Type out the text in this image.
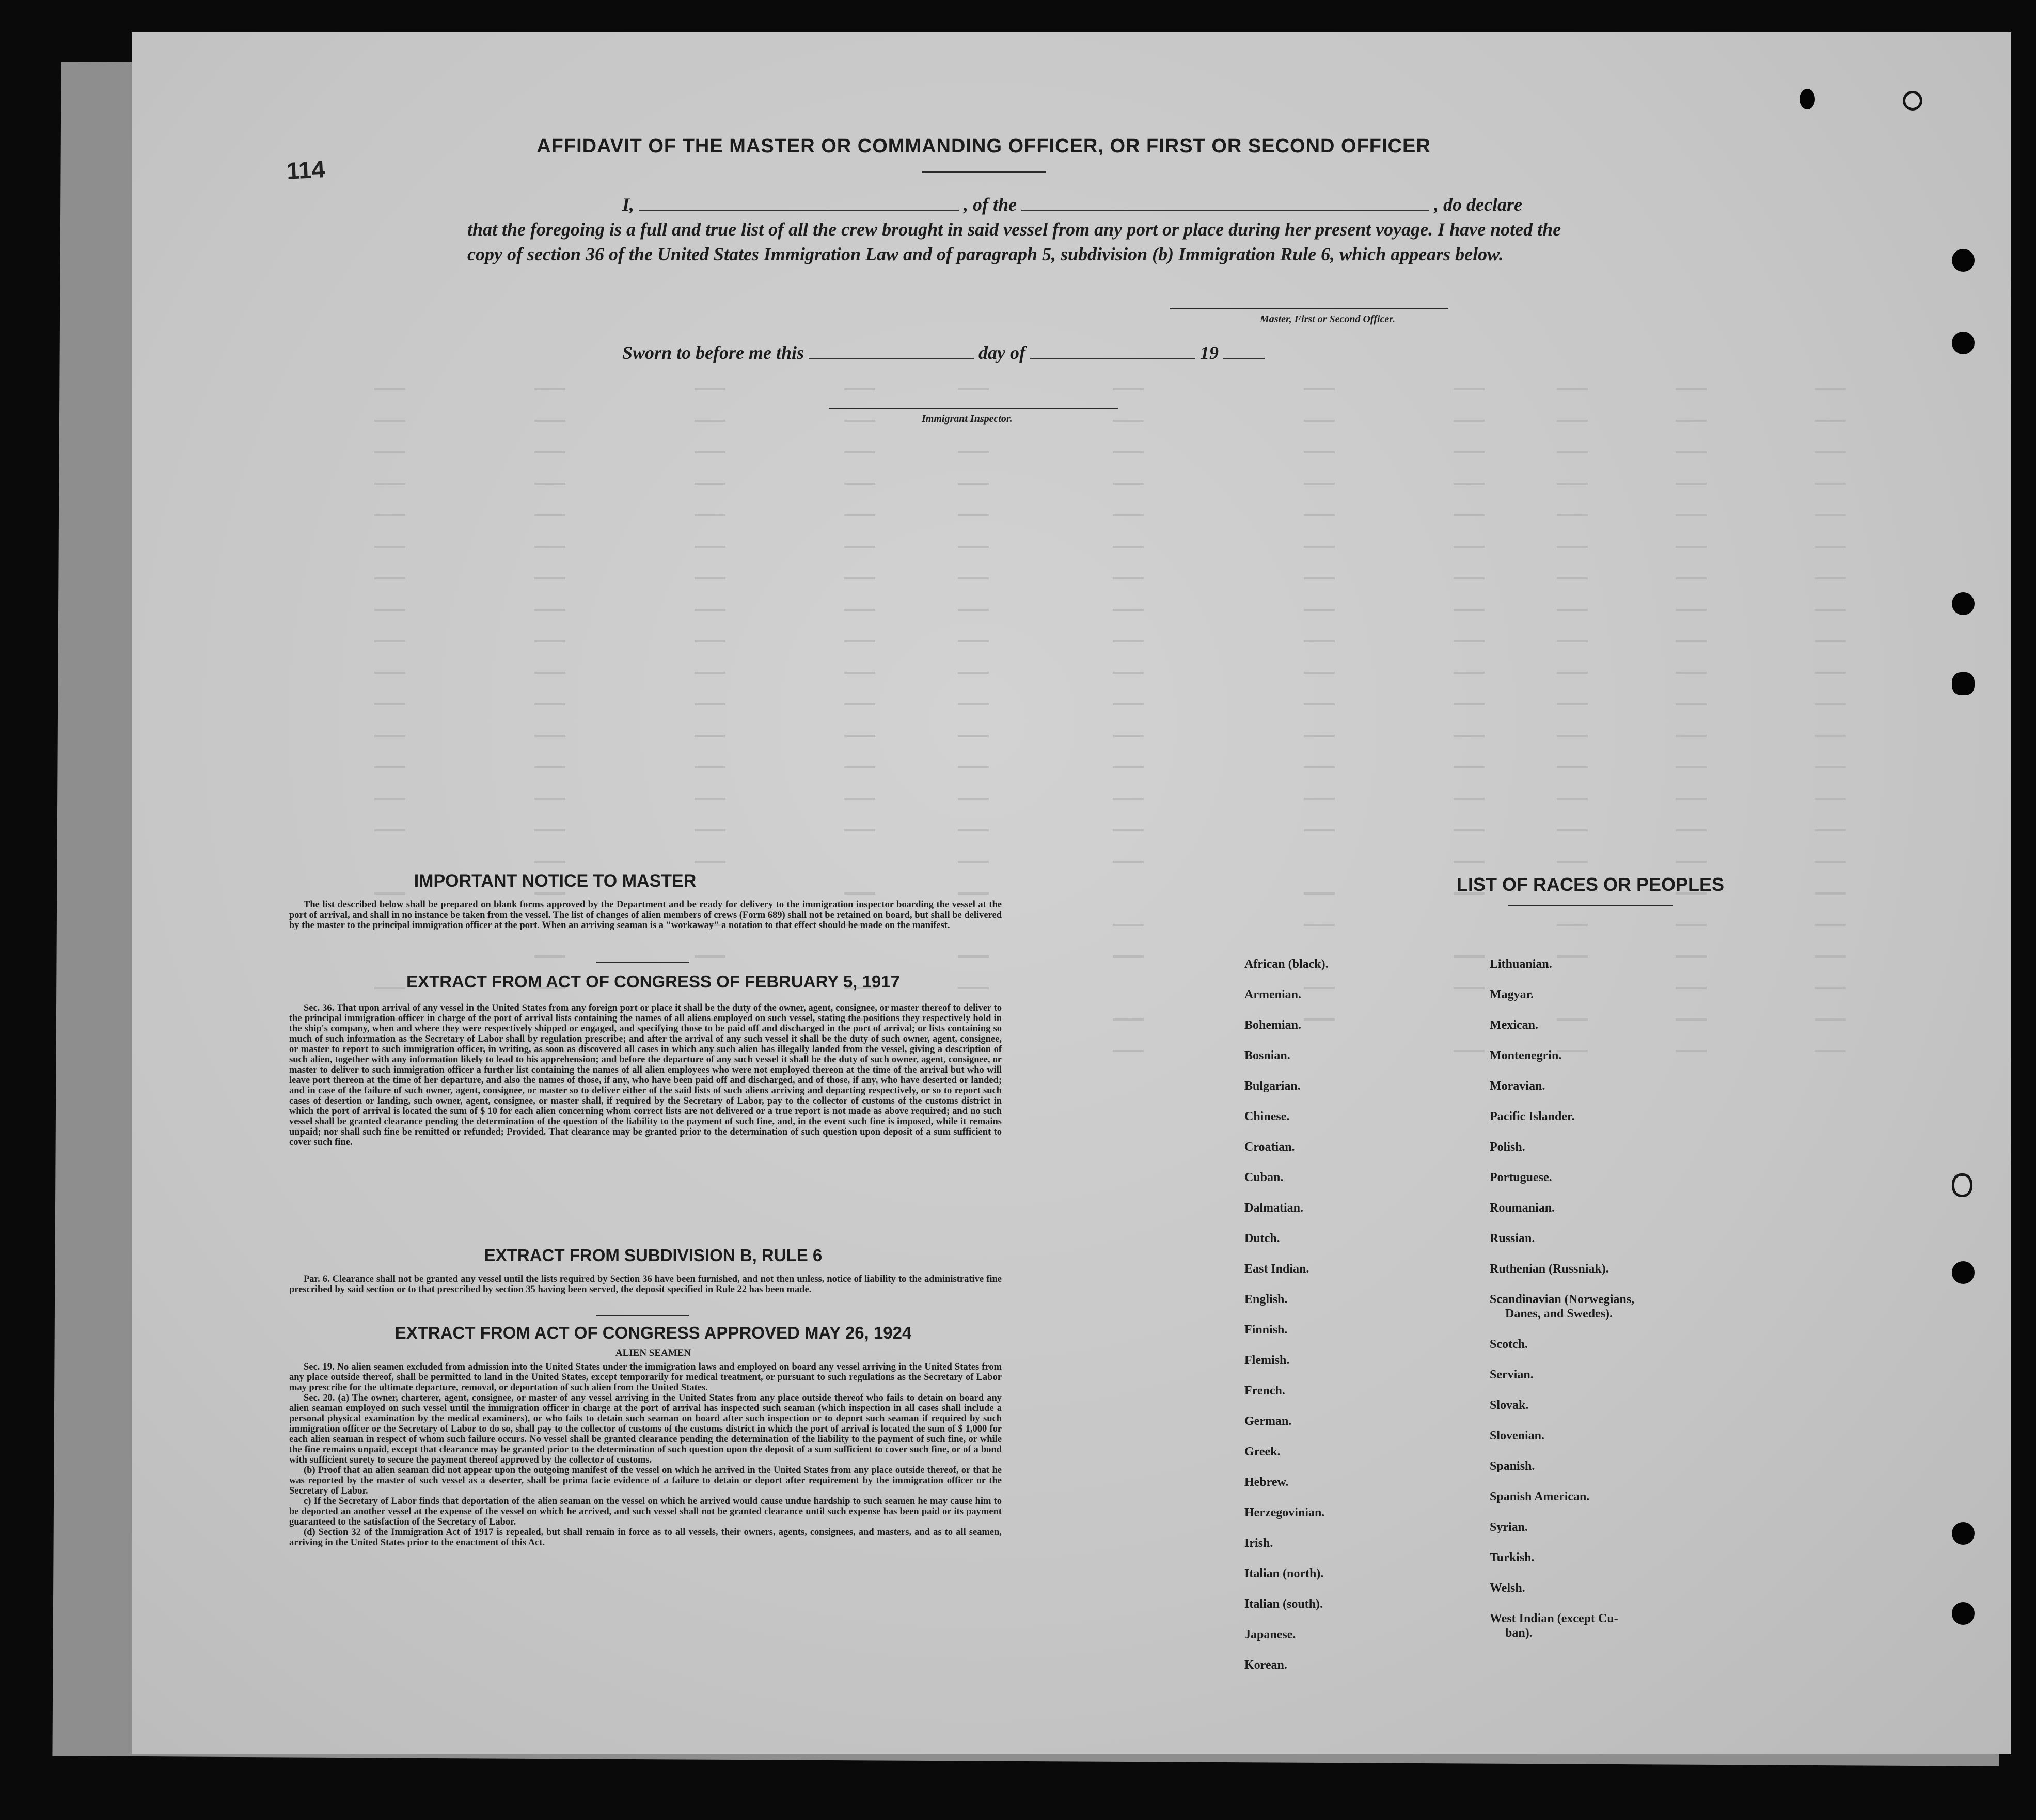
114
AFFIDAVIT OF THE MASTER OR COMMANDING OFFICER, OR FIRST OR SECOND OFFICER
I,	, of the	, do declare
that the foregoing is a full and true list of all the crew brought in said vessel from any port or place during her present voyage. I have noted the copy of section 36 of the United States Immigration Law and of paragraph 5, subdivision (b) Immigration Rule 6, which appears below.
Master, First or Second Officer.
Sworn to before me this	day of	19
Immigrant Inspector.
IMPORTANT NOTICE TO MASTER

The list described below shall be prepared on blank forms approved by the Department and be ready for delivery to the immigration inspector boarding the vessel at the port of arrival, and shall in no instance be taken from the vessel. The list of changes of alien members of crews (Form 689) shall not be retained on board, but shall be delivered by the master to the principal immigration officer at the port. When an arriving seaman is a "workaway" a notation to that effect should be made on the manifest.

EXTRACT FROM ACT OF CONGRESS OF FEBRUARY 5, 1917

Sec. 36. That upon arrival of any vessel in the United States from any foreign port or place it shall be the duty of the owner, agent, consignee, or master thereof to deliver to the principal immigration officer in charge of the port of arrival lists containing the names of all aliens employed on such vessel, stating the positions they respectively hold in the ship's company, when and where they were respectively shipped or engaged, and specifying those to be paid off and discharged in the port of arrival; or lists containing so much of such information as the Secretary of Labor shall by regulation prescribe; and after the arrival of any such vessel it shall be the duty of such owner, agent, consignee, or master to report to such immigration officer, in writing, as soon as discovered all cases in which any such alien has illegally landed from the vessel, giving a description of such alien, together with any information likely to lead to his apprehension; and before the departure of any such vessel it shall be the duty of such owner, agent, consignee, or master to deliver to such immigration officer a further list containing the names of all alien employees who were not employed thereon at the time of the arrival but who will leave port thereon at the time of her departure, and also the names of those, if any, who have been paid off and discharged, and of those, if any, who have deserted or landed; and in case of the failure of such owner, agent, consignee, or master so to deliver either of the said lists of such aliens arriving and departing respectively, or so to report such cases of desertion or landing, such owner, agent, consignee, or master shall, if required by the Secretary of Labor, pay to the collector of customs of the customs district in which the port of arrival is located the sum of $ 10 for each alien concerning whom correct lists are not delivered or a true report is not made as above required; and no such vessel shall be granted clearance pending the determination of the question of the liability to the payment of such fine, and, in the event such fine is imposed, while it remains unpaid; nor shall such fine be remitted or refunded; Provided. That clearance may be granted prior to the determination of such question upon deposit of a sum sufficient to cover such fine.

EXTRACT FROM SUBDIVISION B, RULE 6

Par. 6. Clearance shall not be granted any vessel until the lists required by Section 36 have been furnished, and not then unless, notice of liability to the administrative fine prescribed by said section or to that prescribed by section 35 having been served, the deposit specified in Rule 22 has been made.

EXTRACT FROM ACT OF CONGRESS APPROVED MAY 26, 1924
ALIEN SEAMEN

Sec. 19. No alien seamen excluded from admission into the United States under the immigration laws and employed on board any vessel arriving in the United States from any place outside thereof, shall be permitted to land in the United States, except temporarily for medical treatment, or pursuant to such regulations as the Secretary of Labor may prescribe for the ultimate departure, removal, or deportation of such alien from the United States.

Sec. 20. (a) The owner, charterer, agent, consignee, or master of any vessel arriving in the United States from any place outside thereof who fails to detain on board any alien seaman employed on such vessel until the immigration officer in charge at the port of arrival has inspected such seaman (which inspection in all cases shall include a personal physical examination by the medical examiners), or who fails to detain such seaman on board after such inspection or to deport such seaman if required by such immigration officer or the Secretary of Labor to do so, shall pay to the collector of customs of the customs district in which the port of arrival is located the sum of $ 1,000 for each alien seaman in respect of whom such failure occurs. No vessel shall be granted clearance pending the determination of the liability to the payment of such fine, or while the fine remains unpaid, except that clearance may be granted prior to the determination of such question upon the deposit of a sum sufficient to cover such fine, or of a bond with sufficient surety to secure the payment thereof approved by the collector of customs.

(b) Proof that an alien seaman did not appear upon the outgoing manifest of the vessel on which he arrived in the United States from any place outside thereof, or that he was reported by the master of such vessel as a deserter, shall be prima facie evidence of a failure to detain or deport after requirement by the immigration officer or the Secretary of Labor.

c) If the Secretary of Labor finds that deportation of the alien seaman on the vessel on which he arrived would cause undue hardship to such seamen he may cause him to be deported an another vessel at the expense of the vessel on which he arrived, and such vessel shall not be granted clearance until such expense has been paid or its payment guaranteed to the satisfaction of the Secretary of Labor.

(d) Section 32 of the Immigration Act of 1917 is repealed, but shall remain in force as to all vessels, their owners, agents, consignees, and masters, and as to all seamen, arriving in the United States prior to the enactment of this Act.

LIST OF RACES OR PEOPLES
African (black).
Armenian.
Bohemian.
Bosnian.
Bulgarian.
Chinese.
Croatian.
Cuban.
Dalmatian.
Dutch.
East Indian.
English.
Finnish.
Flemish.
French.
German.
Greek.
Hebrew.
Herzegovinian.
Irish.
Italian (north).
Italian (south).
Japanese.
Korean.
Lithuanian.
Magyar.
Mexican.
Montenegrin.
Moravian.
Pacific Islander.
Polish.
Portuguese.
Roumanian.
Russian.
Ruthenian (Russniak).
Scandinavian (Norwegians,
Danes, and Swedes).
Scotch.
Servian.
Slovak.
Slovenian.
Spanish.
Spanish American.
Syrian.
Turkish.
Welsh.
West Indian (except Cu-
ban).
